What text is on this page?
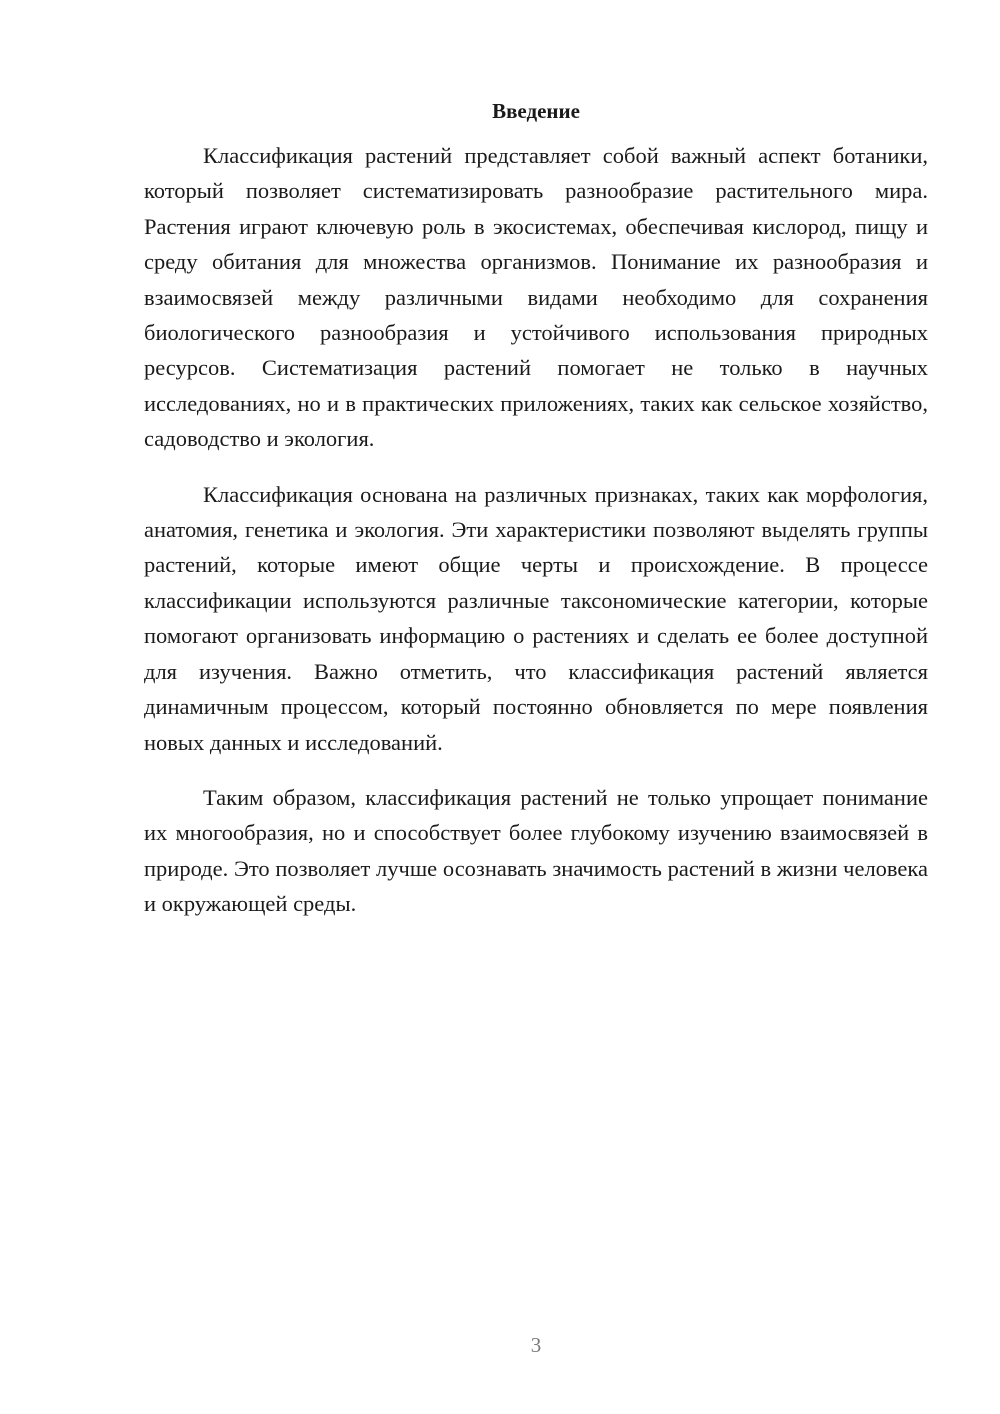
Введение

Классификация растений представляет собой важный аспект ботаники, который позволяет систематизировать разнообразие растительного мира. Растения играют ключевую роль в экосистемах, обеспечивая кислород, пищу и среду обитания для множества организмов. Понимание их разнообразия и взаимосвязей между различными видами необходимо для сохранения биологического разнообразия и устойчивого использования природных ресурсов. Систематизация растений помогает не только в научных исследованиях, но и в практических приложениях, таких как сельское хозяйство, садоводство и экология.

Классификация основана на различных признаках, таких как морфология, анатомия, генетика и экология. Эти характеристики позволяют выделять группы растений, которые имеют общие черты и происхождение. В процессе классификации используются различные таксономические категории, которые помогают организовать информацию о растениях и сделать ее более доступной для изучения. Важно отметить, что классификация растений является динамичным процессом, который постоянно обновляется по мере появления новых данных и исследований.

Таким образом, классификация растений не только упрощает понимание их многообразия, но и способствует более глубокому изучению взаимосвязей в природе. Это позволяет лучше осознавать значимость растений в жизни человека и окружающей среды.

3
